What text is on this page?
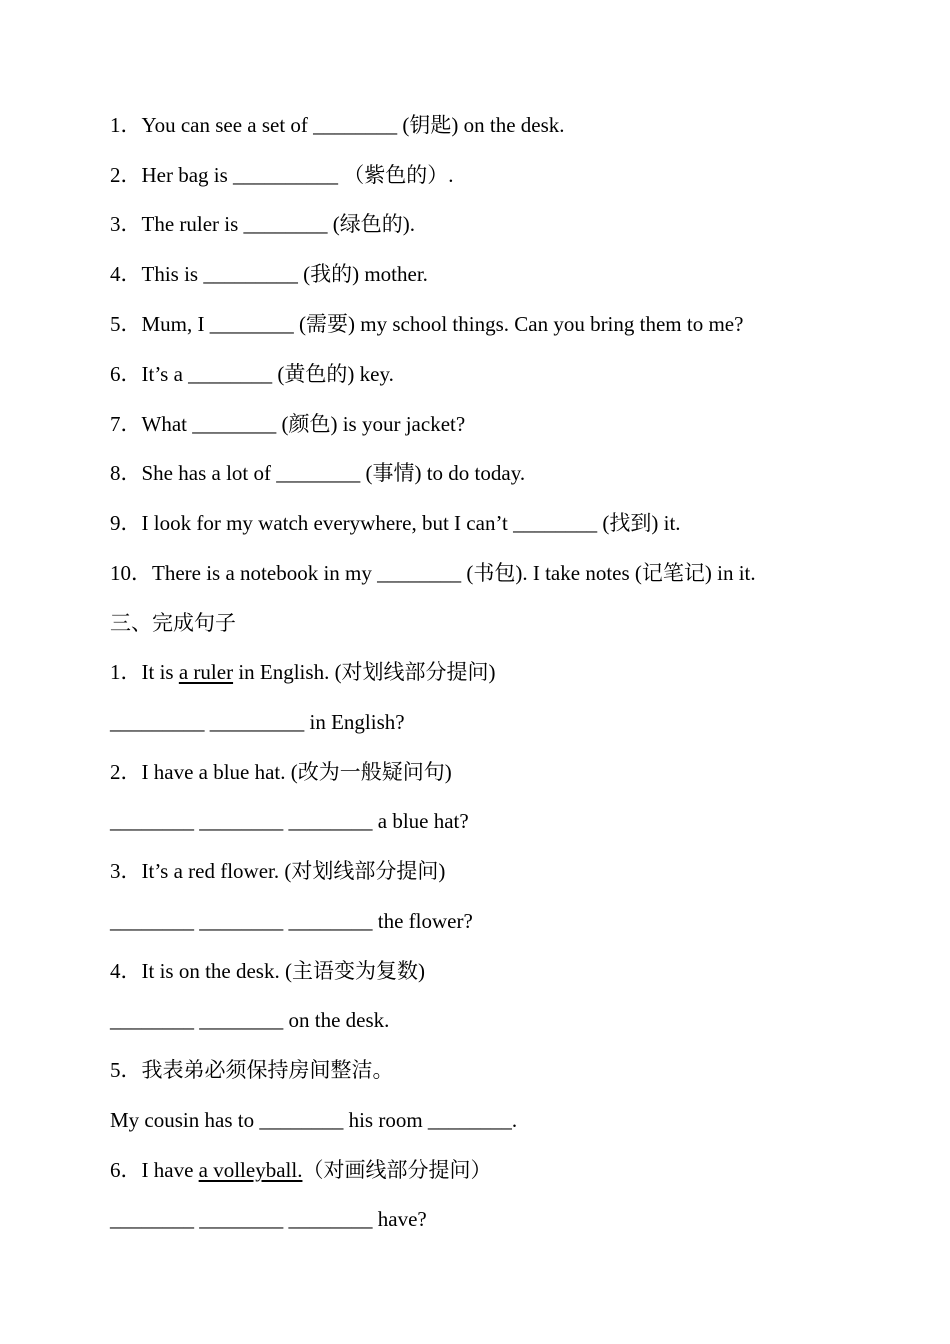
1．You can see a set of ________ (钥匙) on the desk.
2．Her bag is __________ （紫色的）.
3．The ruler is ________ (绿色的).
4．This is _________ (我的) mother.
5．Mum, I ________ (需要) my school things. Can you bring them to me?
6．It’s a ________ (黄色的) key.
7．What ________ (颜色) is your jacket?
8．She has a lot of ________ (事情) to do today.
9．I look for my watch everywhere, but I can’t ________ (找到) it.
10．There is a notebook in my ________ (书包). I take notes (记笔记) in it.
三、完成句子
1．It is a ruler in English. (对划线部分提问)
_________ _________ in English?
2．I have a blue hat. (改为一般疑问句)
________ ________ ________ a blue hat?
3．It’s a red flower. (对划线部分提问)
________ ________ ________ the flower?
4．It is on the desk. (主语变为复数)
________ ________ on the desk.
5．我表弟必须保持房间整洁。
My cousin has to ________ his room ________.
6．I have a volleyball.（对画线部分提问）
________ ________ ________ have?
